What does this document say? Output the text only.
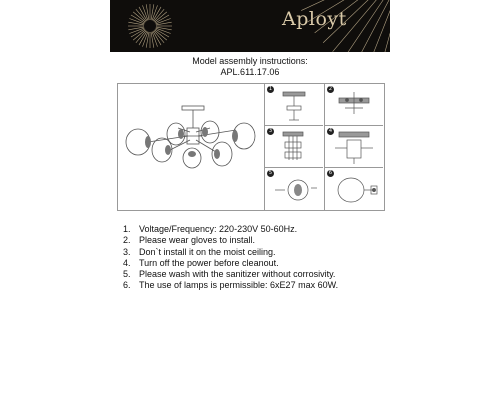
Aployt
Model assembly instructions:
APL.611.17.06
1	2
3	4
5	6
1. Voltage/Frequency: 220-230V 50-60Hz.
2. Please wear gloves to install.
3. Don`t install it on the moist ceiling.
4. Turn off the power before cleanout.
5. Please wash with the sanitizer without corrosivity.
6. The use of lamps is permissible: 6xE27 max 60W.
